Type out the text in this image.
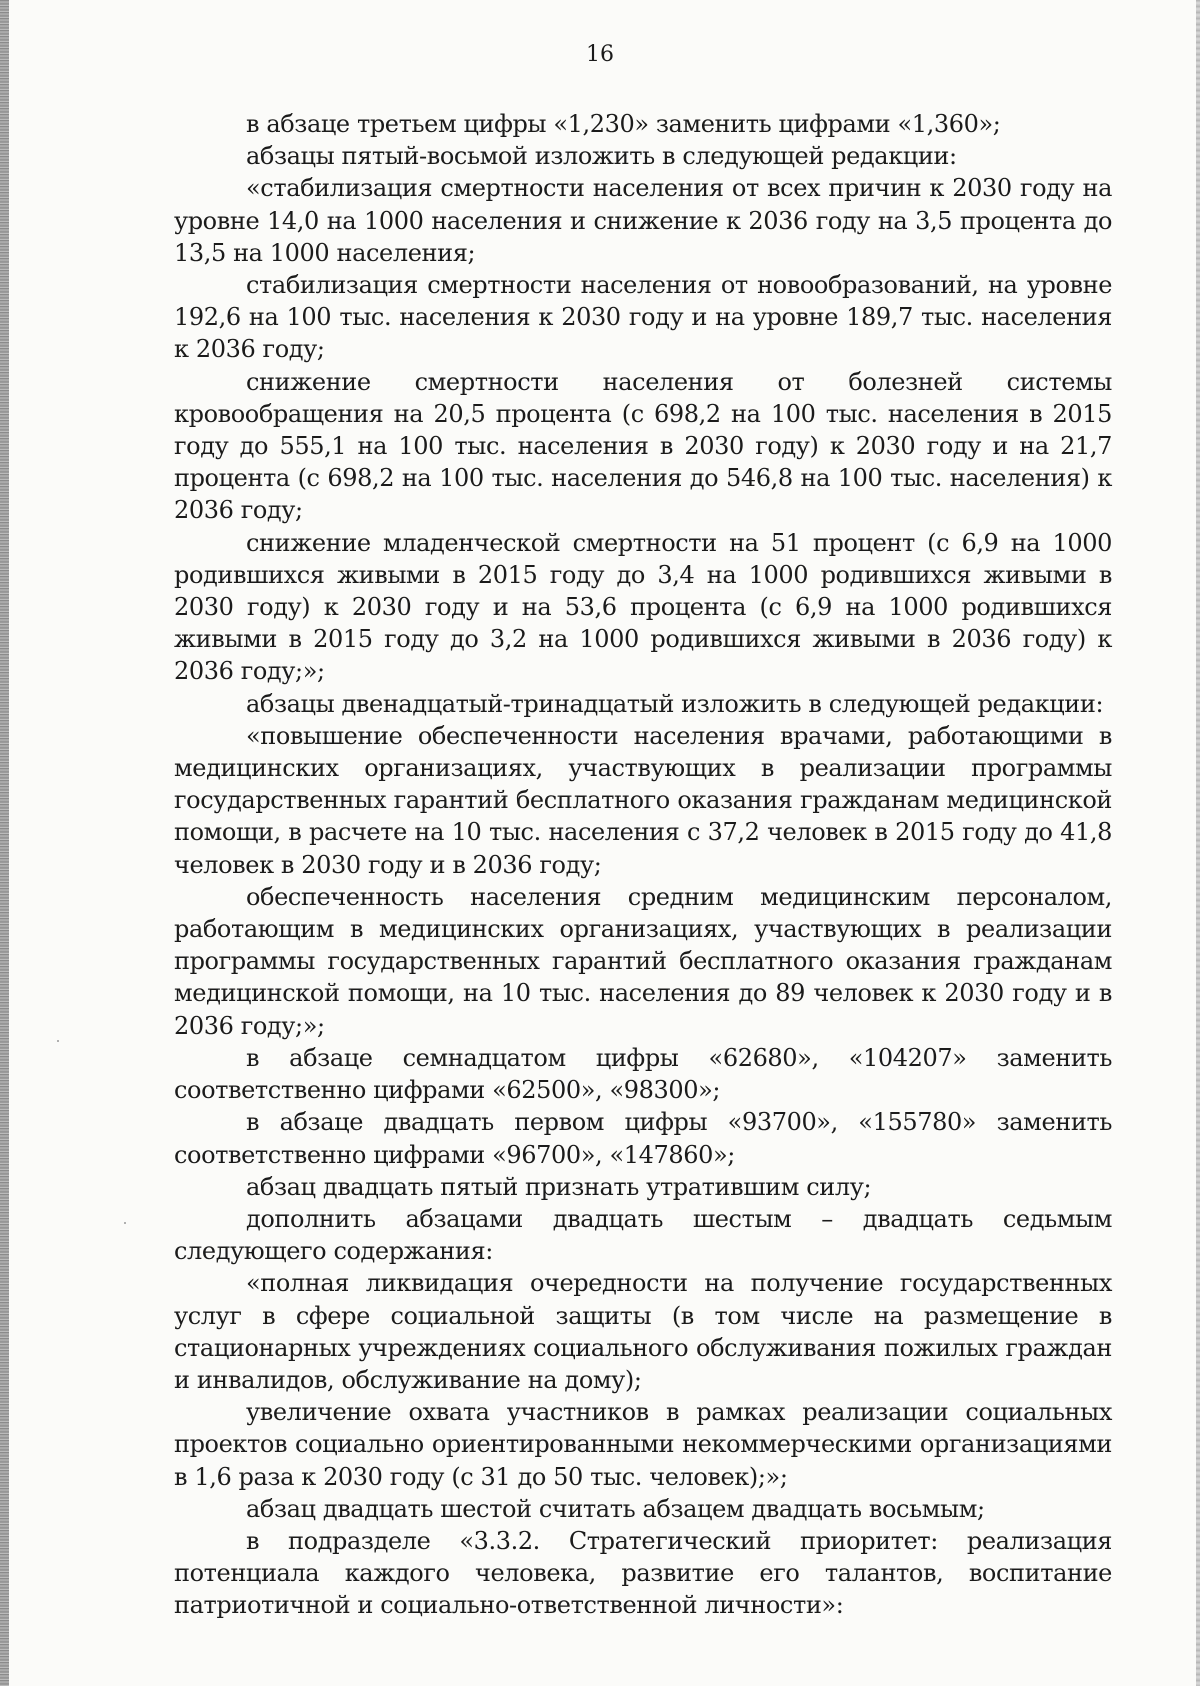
16

в абзаце третьем цифры «1,230» заменить цифрами «1,360»;

абзацы пятый-восьмой изложить в следующей редакции:

«стабилизация смертности населения от всех причин к 2030 году на уровне 14,0 на 1000 населения и снижение к 2036 году на 3,5 процента до 13,5 на 1000 населения;

стабилизация смертности населения от новообразований, на уровне 192,6 на 100 тыс. населения к 2030 году и на уровне 189,7 тыс. населения к 2036 году;

снижение смертности населения от болезней системы кровообращения на 20,5 процента (с 698,2 на 100 тыс. населения в 2015 году до 555,1 на 100 тыс. населения в 2030 году) к 2030 году и на 21,7 процента (с 698,2 на 100 тыс. населения до 546,8 на 100 тыс. населения) к 2036 году;

снижение младенческой смертности на 51 процент (с 6,9 на 1000 родившихся живыми в 2015 году до 3,4 на 1000 родившихся живыми в 2030 году) к 2030 году и на 53,6 процента (с 6,9 на 1000 родившихся живыми в 2015 году до 3,2 на 1000 родившихся живыми в 2036 году) к 2036 году;»;

абзацы двенадцатый-тринадцатый изложить в следующей редакции:

«повышение обеспеченности населения врачами, работающими в медицинских организациях, участвующих в реализации программы государственных гарантий бесплатного оказания гражданам медицинской помощи, в расчете на 10 тыс. населения с 37,2 человек в 2015 году до 41,8 человек в 2030 году и в 2036 году;

обеспеченность населения средним медицинским персоналом, работающим в медицинских организациях, участвующих в реализации программы государственных гарантий бесплатного оказания гражданам медицинской помощи, на 10 тыс. населения до 89 человек к 2030 году и в 2036 году;»;

в абзаце семнадцатом цифры «62680», «104207» заменить соответственно цифрами «62500», «98300»;

в абзаце двадцать первом цифры «93700», «155780» заменить соответственно цифрами «96700», «147860»;

абзац двадцать пятый признать утратившим силу;

дополнить абзацами двадцать шестым – двадцать седьмым следующего содержания:

«полная ликвидация очередности на получение государственных услуг в сфере социальной защиты (в том числе на размещение в стационарных учреждениях социального обслуживания пожилых граждан и инвалидов, обслуживание на дому);

увеличение охвата участников в рамках реализации социальных проектов социально ориентированными некоммерческими организациями в 1,6 раза к 2030 году (с 31 до 50 тыс. человек);»;

абзац двадцать шестой считать абзацем двадцать восьмым;

в подразделе «3.3.2. Стратегический приоритет: реализация потенциала каждого человека, развитие его талантов, воспитание патриотичной и социально-ответственной личности»:
